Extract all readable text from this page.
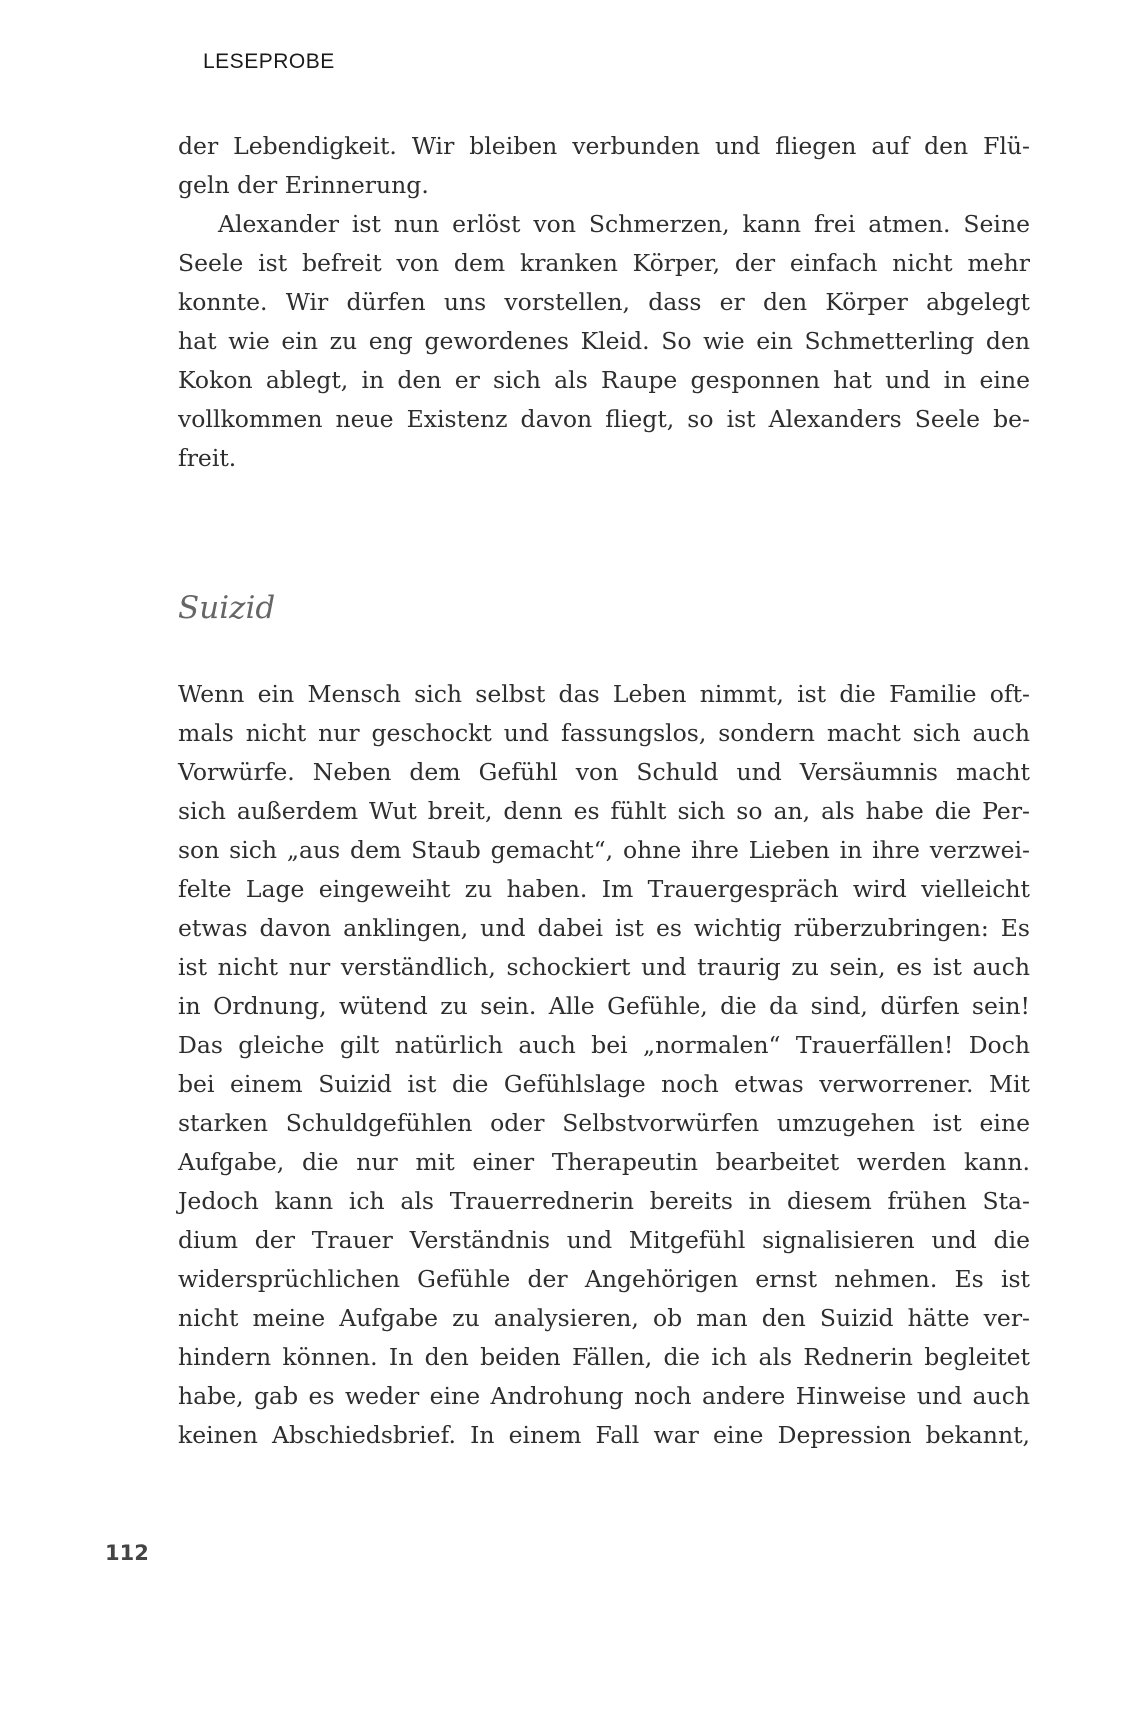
LESEPROBE
der Lebendigkeit. Wir bleiben verbunden und fliegen auf den Flü-
geln der Erinnerung.
Alexander ist nun erlöst von Schmerzen, kann frei atmen. Seine
Seele ist befreit von dem kranken Körper, der einfach nicht mehr
konnte. Wir dürfen uns vorstellen, dass er den Körper abgelegt
hat wie ein zu eng gewordenes Kleid. So wie ein Schmetterling den
Kokon ablegt, in den er sich als Raupe gesponnen hat und in eine
vollkommen neue Existenz davon fliegt, so ist Alexanders Seele be-
freit.
Suizid
Wenn ein Mensch sich selbst das Leben nimmt, ist die Familie oft-
mals nicht nur geschockt und fassungslos, sondern macht sich auch
Vorwürfe. Neben dem Gefühl von Schuld und Versäumnis macht
sich außerdem Wut breit, denn es fühlt sich so an, als habe die Per-
son sich „aus dem Staub gemacht“, ohne ihre Lieben in ihre verzwei-
felte Lage eingeweiht zu haben. Im Trauergespräch wird vielleicht
etwas davon anklingen, und dabei ist es wichtig rüberzubringen: Es
ist nicht nur verständlich, schockiert und traurig zu sein, es ist auch
in Ordnung, wütend zu sein. Alle Gefühle, die da sind, dürfen sein!
Das gleiche gilt natürlich auch bei „normalen“ Trauerfällen! Doch
bei einem Suizid ist die Gefühlslage noch etwas verworrener. Mit
starken Schuldgefühlen oder Selbstvorwürfen umzugehen ist eine
Aufgabe, die nur mit einer Therapeutin bearbeitet werden kann.
Jedoch kann ich als Trauerrednerin bereits in diesem frühen Sta-
dium der Trauer Verständnis und Mitgefühl signalisieren und die
widersprüchlichen Gefühle der Angehörigen ernst nehmen. Es ist
nicht meine Aufgabe zu analysieren, ob man den Suizid hätte ver-
hindern können. In den beiden Fällen, die ich als Rednerin begleitet
habe, gab es weder eine Androhung noch andere Hinweise und auch
keinen Abschiedsbrief. In einem Fall war eine Depression bekannt,
112
